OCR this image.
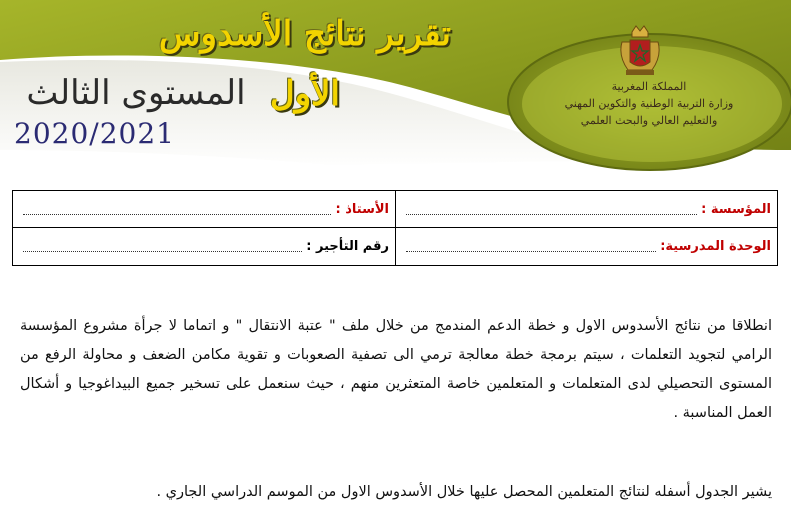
تقرير نتائج الأسدوس الأول
المستوى الثالث
2020/2021
المملكة المغربية
وزارة التربية الوطنية والتكوين المهني
والتعليم العالي والبحث العلمي
المؤسسة :
الأستاذ :
الوحدة المدرسية:
رقم التأجير :
انطلاقا من نتائج الأسدوس الاول و خطة الدعم المندمج من خلال ملف " عتبة الانتقال " و اتماما لا جرأة مشروع المؤسسة الرامي لتجويد التعلمات ، سيتم برمجة خطة معالجة ترمي الى تصفية الصعوبات و تقوية مكامن الضعف و محاولة الرفع من المستوى التحصيلي لدى المتعلمات و المتعلمين خاصة المتعثرين منهم ، حيث سنعمل على تسخير جميع البيداغوجيا و أشكال العمل المناسبة .
يشير الجدول أسفله لنتائج المتعلمين المحصل عليها خلال الأسدوس الاول من الموسم الدراسي الجاري .
